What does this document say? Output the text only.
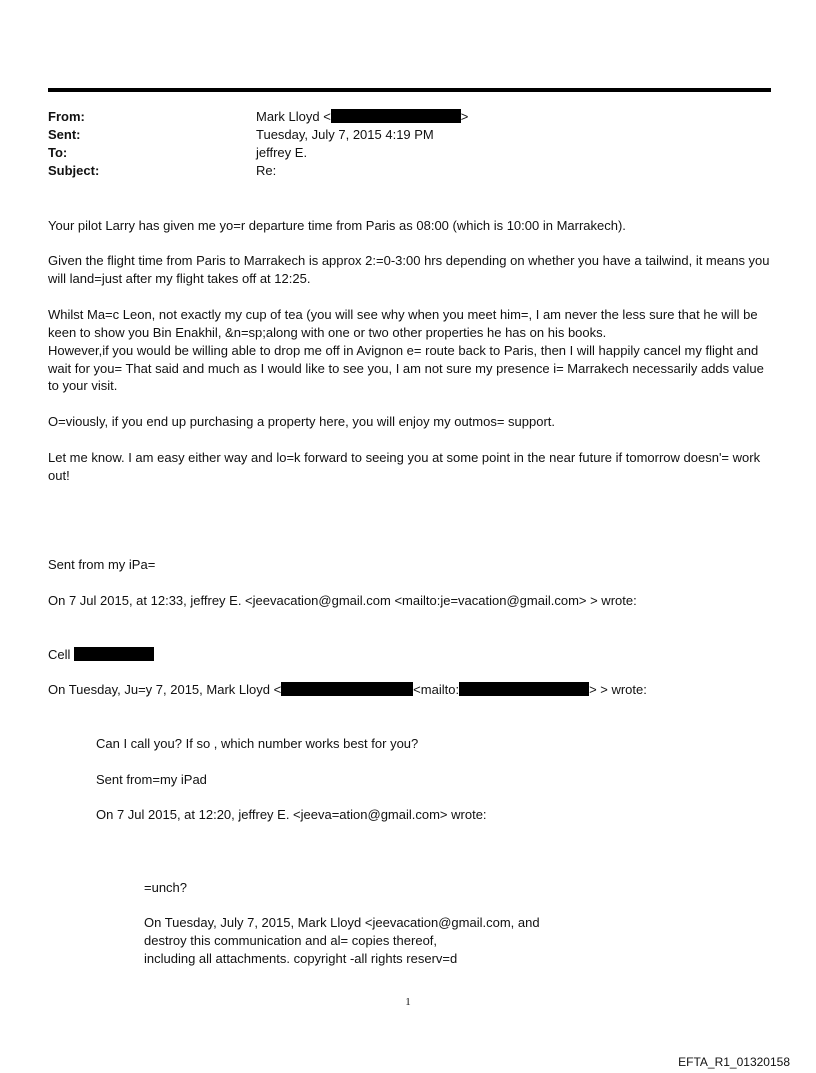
From:	Mark Lloyd <	>
Sent:	Tuesday, July 7, 2015 4:19 PM
To:	jeffrey E.
Subject:	Re:

Your pilot Larry has given me yo=r departure time from Paris as 08:00 (which is 10:00 in Marrakech).

Given the flight time from Paris to Marrakech is approx 2:=0-3:00 hrs depending on whether you have a tailwind, it means you will land=just after my flight takes off at 12:25.

Whilst Ma=c Leon, not exactly my cup of tea (you will see why when you meet him=, I am never the less sure that he will be keen to show you Bin Enakhil, &n=sp;along with one or two other properties he has on his books.

However,if you would be willing able to drop me off in Avignon e= route back to Paris, then I will happily cancel my flight and wait for you= That said and much as I would like to see you, I am not sure my presence i= Marrakech necessarily adds value to your visit.

O=viously, if you end up purchasing a property here, you will enjoy my outmos= support.

Let me know. I am easy either way and lo=k forward to seeing you at some point in the near future if tomorrow doesn'= work out!

Sent from my iPa=

On 7 Jul 2015, at 12:33, jeffrey E. <jeevacation@gmail.com <mailto:je=vacation@gmail.com> > wrote:

Cell

On Tuesday, Ju=y 7, 2015, Mark Lloyd <	<mailto:	> > wrote:

Can I call you? If so , which number works best for you?

Sent from=my iPad

On 7 Jul 2015, at 12:20, jeffrey E. <jeeva=ation@gmail.com> wrote:

=unch?

On Tuesday, July 7, 2015, Mark Lloyd <jeevacation@gmail.com, and

destroy this communication and al= copies thereof,

including all attachments. copyright -all rights reserv=d

1
EFTA_R1_01320158
